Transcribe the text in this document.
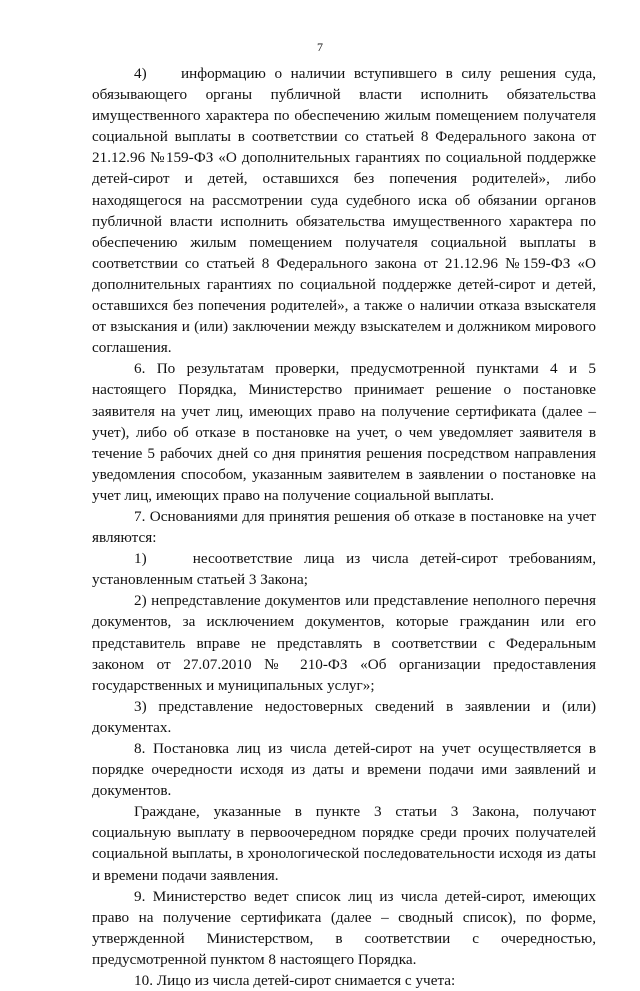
7

4)    информацию о наличии вступившего в силу решения суда, обязывающего органы публичной власти исполнить обязательства имущественного характера по обеспечению жилым помещением получателя социальной выплаты в соответствии со статьей 8 Федерального закона от 21.12.96 №159-ФЗ «О дополнительных гарантиях по социальной поддержке детей-сирот и детей, оставшихся без попечения родителей», либо находящегося на рассмотрении суда судебного иска об обязании органов публичной власти исполнить обязательства имущественного характера по обеспечению жилым помещением получателя социальной выплаты в соответствии со статьей 8 Федерального закона от 21.12.96 №159-ФЗ «О дополнительных гарантиях по социальной поддержке детей-сирот и детей, оставшихся без попечения родителей», а также о наличии отказа взыскателя от взыскания и (или) заключении между взыскателем и должником мирового соглашения.

6. По результатам проверки, предусмотренной пунктами 4 и 5 настоящего Порядка, Министерство принимает решение о постановке заявителя на учет лиц, имеющих право на получение сертификата (далее – учет), либо об отказе в постановке на учет, о чем уведомляет заявителя в течение 5 рабочих дней со дня принятия решения посредством направления уведомления способом, указанным заявителем в заявлении о постановке на учет лиц, имеющих право на получение социальной выплаты.

7. Основаниями для принятия решения об отказе в постановке на учет являются:

1)    несоответствие лица из числа детей-сирот требованиям, установленным статьей 3 Закона;

2) непредставление документов или представление неполного перечня документов, за исключением документов, которые гражданин или его представитель вправе не представлять в соответствии с Федеральным законом от 27.07.2010 № 210-ФЗ «Об организации предоставления государственных и муниципальных услуг»;

3) представление недостоверных сведений в заявлении и (или) документах.

8. Постановка лиц из числа детей-сирот на учет осуществляется в порядке очередности исходя из даты и времени подачи ими заявлений и документов.

Граждане, указанные в пункте 3 статьи 3 Закона, получают социальную выплату в первоочередном порядке среди прочих получателей социальной выплаты, в хронологической последовательности исходя из даты и времени подачи заявления.

9. Министерство ведет список лиц из числа детей-сирот, имеющих право на получение сертификата (далее – сводный список), по форме, утвержденной Министерством, в соответствии с очередностью, предусмотренной пунктом 8 настоящего Порядка.

10. Лицо из числа детей-сирот снимается с учета:
